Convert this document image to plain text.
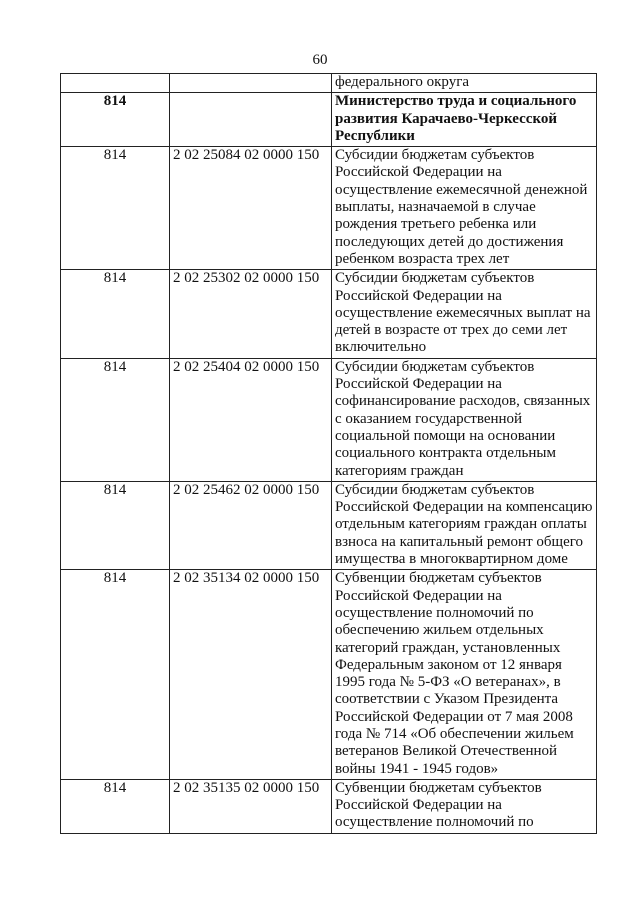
60
		федерального округа
814		Министерство труда и социального развития Карачаево-Черкесской Республики
814	2 02 25084 02 0000 150	Субсидии бюджетам субъектов Российской Федерации на осуществление ежемесячной денежной выплаты, назначаемой в случае рождения третьего ребенка или последующих детей до достижения ребенком возраста трех лет
814	2 02 25302 02 0000 150	Субсидии бюджетам субъектов Российской Федерации на осуществление ежемесячных выплат на детей в возрасте от трех до семи лет включительно
814	2 02 25404 02 0000 150	Субсидии бюджетам субъектов Российской Федерации на софинансирование расходов, связанных с оказанием государственной социальной помощи на основании социального контракта отдельным категориям граждан
814	2 02 25462 02 0000 150	Субсидии бюджетам субъектов Российской Федерации на компенсацию отдельным категориям граждан оплаты взноса на капитальный ремонт общего имущества в многоквартирном доме
814	2 02 35134 02 0000 150	Субвенции бюджетам субъектов Российской Федерации на осуществление полномочий по обеспечению жильем отдельных категорий граждан, установленных Федеральным законом от 12 января 1995 года № 5-ФЗ «О ветеранах», в соответствии с Указом Президента Российской Федерации от 7 мая 2008 года № 714 «Об обеспечении жильем ветеранов Великой Отечественной войны 1941 - 1945 годов»
814	2 02 35135 02 0000 150	Субвенции бюджетам субъектов Российской Федерации на осуществление полномочий по
